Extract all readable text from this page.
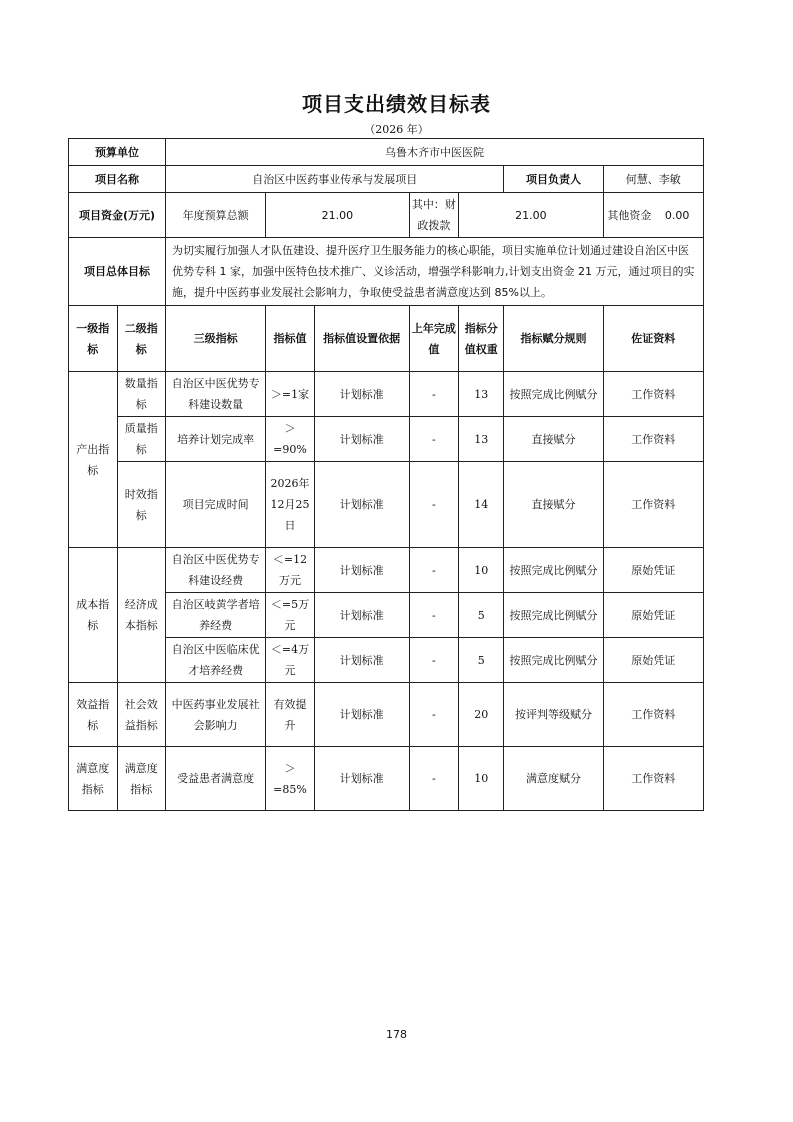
项目支出绩效目标表
（2026 年）
预算单位		乌鲁木齐市中医医院						
项目名称		自治区中医药事业传承与发展项目					项目负责人	何慧、李敏
项目资金(万元)		年度预算总额	21.00		其中：财政拨款	21.00		其他资金 0.00

项目总体目标		为切实履行加强人才队伍建设、提升医疗卫生服务能力的核心职能，项目实施单位计划通过建设自治区中医优势专科 1 家，加强中医特色技术推广、义诊活动，增强学科影响力,计划支出资金 21 万元，通过项目的实施，提升中医药事业发展社会影响力，争取使受益患者满意度达到 85%以上。						
一级指标	二级指标	三级指标	指标值	指标值设置依据	上年完成值	指标分值权重	指标赋分规则	佐证资料
产出指标	数量指标	自治区中医优势专科建设数量	＞=1家	计划标准	-	13	按照完成比例赋分	工作资料
	质量指标	培养计划完成率	＞=90%	计划标准	-	13	直接赋分	工作资料
	时效指标	项目完成时间	2026年12月25日	计划标准	-	14	直接赋分	工作资料
成本指标	经济成本指标	自治区中医优势专科建设经费	＜=12万元	计划标准	-	10	按照完成比例赋分	原始凭证
		自治区岐黄学者培养经费	＜=5万元	计划标准	-	5	按照完成比例赋分	原始凭证
		自治区中医临床优才培养经费	＜=4万元	计划标准	-	5	按照完成比例赋分	原始凭证
效益指标	社会效益指标	中医药事业发展社会影响力	有效提升	计划标准	-	20	按评判等级赋分	工作资料
满意度指标	满意度指标	受益患者满意度	＞=85%	计划标准	-	10	满意度赋分	工作资料
178
